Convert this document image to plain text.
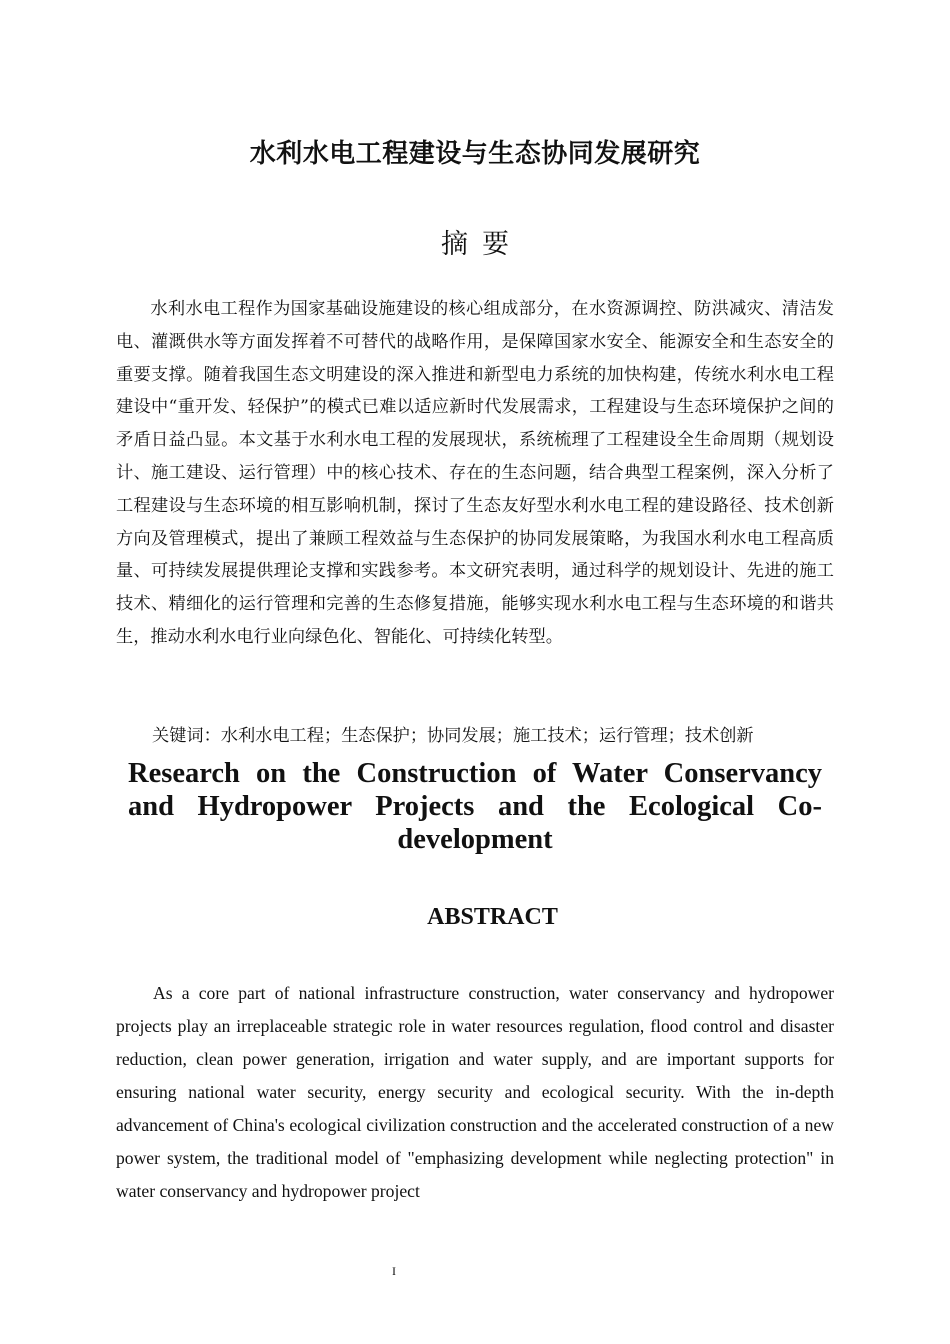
水利水电工程建设与生态协同发展研究
摘要

水利水电工程作为国家基础设施建设的核心组成部分，在水资源调控、防洪减灾、清洁发电、灌溉供水等方面发挥着不可替代的战略作用，是保障国家水安全、能源安全和生态安全的重要支撑。随着我国生态文明建设的深入推进和新型电力系统的加快构建，传统水利水电工程建设中“重开发、轻保护”的模式已难以适应新时代发展需求，工程建设与生态环境保护之间的矛盾日益凸显。本文基于水利水电工程的发展现状，系统梳理了工程建设全生命周期（规划设计、施工建设、运行管理）中的核心技术、存在的生态问题，结合典型工程案例，深入分析了工程建设与生态环境的相互影响机制，探讨了生态友好型水利水电工程的建设路径、技术创新方向及管理模式，提出了兼顾工程效益与生态保护的协同发展策略，为我国水利水电工程高质量、可持续发展提供理论支撑和实践参考。本文研究表明，通过科学的规划设计、先进的施工技术、精细化的运行管理和完善的生态修复措施，能够实现水利水电工程与生态环境的和谐共生，推动水利水电行业向绿色化、智能化、可持续化转型。

关键词：水利水电工程；生态保护；协同发展；施工技术；运行管理；技术创新
Research on the Construction of Water Conservancy
and Hydropower Projects and the Ecological Co-
development
ABSTRACT

As a core part of national infrastructure construction, water conservancy and hydropower projects play an irreplaceable strategic role in water resources regulation, flood control and disaster reduction, clean power generation, irrigation and water supply, and are important supports for ensuring national water security, energy security and ecological security. With the in-depth advancement of China's ecological civilization construction and the accelerated construction of a new power system, the traditional model of "emphasizing development while neglecting protection" in water conservancy and hydropower project

I
